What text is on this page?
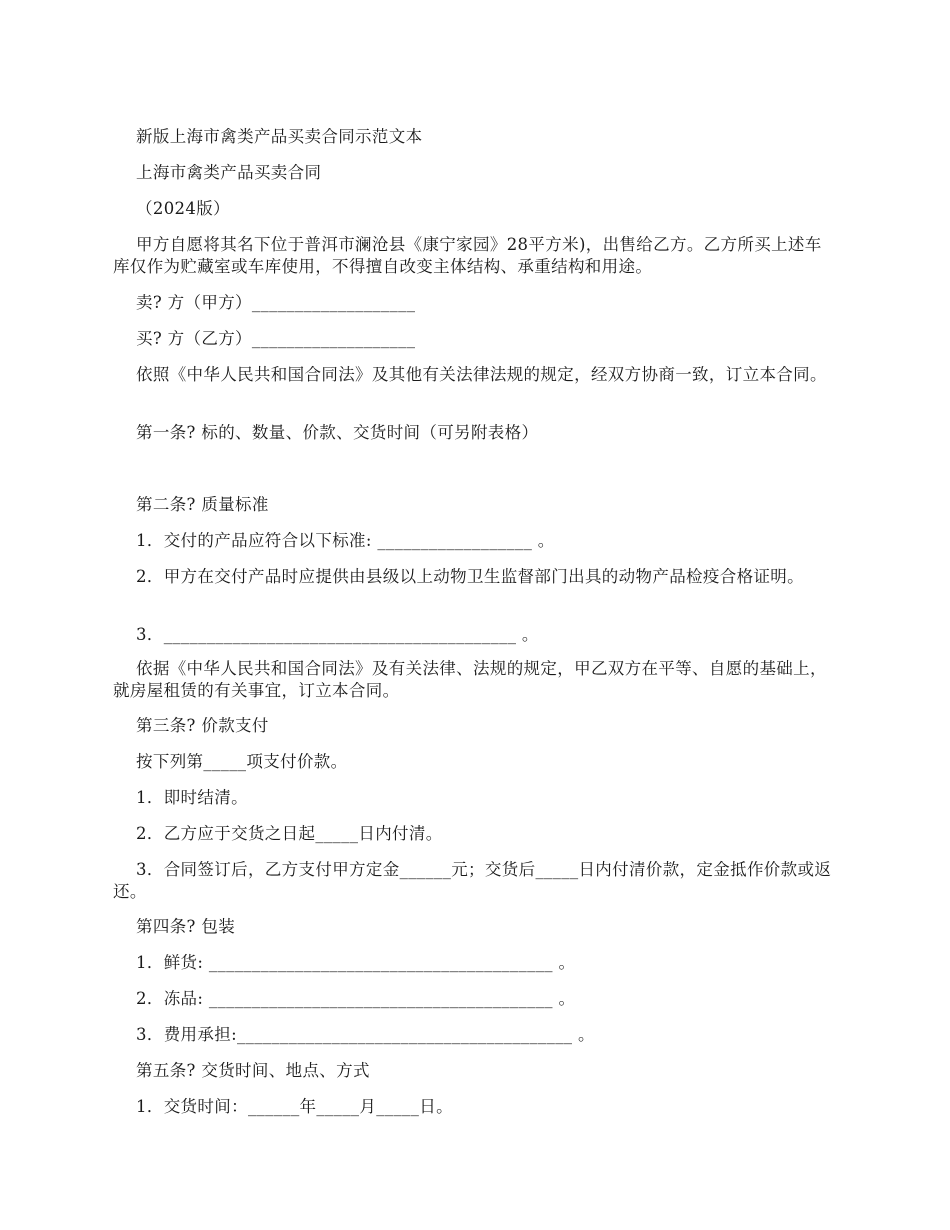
新版上海市禽类产品买卖合同示范文本

上海市禽类产品买卖合同

（2024版）

甲方自愿将其名下位于普洱市澜沧县《康宁家园》28平方米)，出售给乙方。乙方所买上述车库仅作为贮藏室或车库使用，不得擅自改变主体结构、承重结构和用途。

卖? 方（甲方）___________________

买? 方（乙方）___________________

依照《中华人民共和国合同法》及其他有关法律法规的规定，经双方协商一致，订立本合同。

第一条? 标的、数量、价款、交货时间（可另附表格）

第二条? 质量标准

1．交付的产品应符合以下标准: __________________ 。

2．甲方在交付产品时应提供由县级以上动物卫生监督部门出具的动物产品检疫合格证明。

3．_________________________________________ 。

依据《中华人民共和国合同法》及有关法律、法规的规定，甲乙双方在平等、自愿的基础上，就房屋租赁的有关事宜，订立本合同。

第三条? 价款支付

按下列第_____项支付价款。

1．即时结清。

2．乙方应于交货之日起_____日内付清。

3．合同签订后，乙方支付甲方定金______元；交货后_____日内付清价款，定金抵作价款或返还。

第四条? 包装

1．鲜货: ________________________________________ 。

2．冻品: ________________________________________ 。

3．费用承担:_______________________________________ 。

第五条? 交货时间、地点、方式

1．交货时间：______年_____月_____日。
